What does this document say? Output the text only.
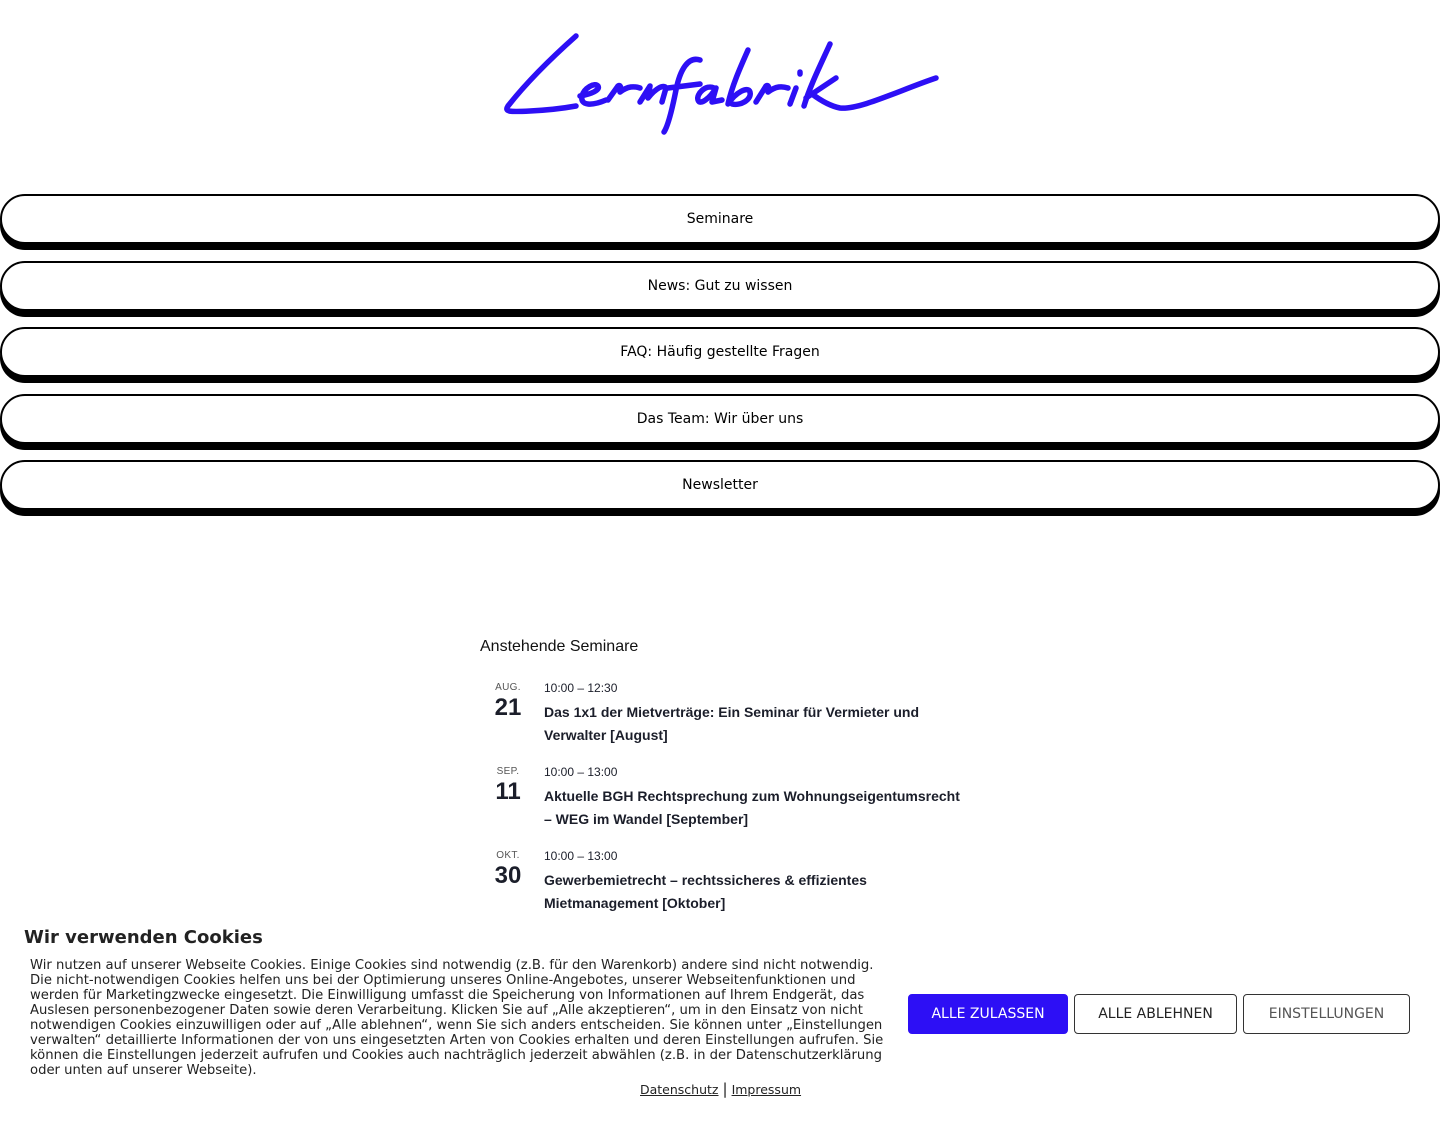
Seminare
News: Gut zu wissen
FAQ: Häufig gestellte Fragen
Das Team: Wir über uns
Newsletter
Anstehende Seminare
AUG.
21
10:00 – 12:30
Das 1x1 der Mietverträge: Ein Seminar für Vermieter und Verwalter [August]
SEP.
11
10:00 – 13:00
Aktuelle BGH Rechtsprechung zum Wohnungseigentumsrecht – WEG im Wandel [September]
OKT.
30
10:00 – 13:00
Gewerbemietrecht – rechtssicheres & effizientes Mietmanagement [Oktober]
Wir verwenden Cookies

Wir nutzen auf unserer Webseite Cookies. Einige Cookies sind notwendig (z.B. für den Warenkorb) andere sind nicht notwendig. Die nicht-notwendigen Cookies helfen uns bei der Optimierung unseres Online-Angebotes, unserer Webseitenfunktionen und werden für Marketingzwecke eingesetzt. Die Einwilligung umfasst die Speicherung von Informationen auf Ihrem Endgerät, das Auslesen personenbezogener Daten sowie deren Verarbeitung. Klicken Sie auf „Alle akzeptieren“, um in den Einsatz von nicht notwendigen Cookies einzuwilligen oder auf „Alle ablehnen“, wenn Sie sich anders entscheiden. Sie können unter „Einstellungen verwalten“ detaillierte Informationen der von uns eingesetzten Arten von Cookies erhalten und deren Einstellungen aufrufen. Sie können die Einstellungen jederzeit aufrufen und Cookies auch nachträglich jederzeit abwählen (z.B. in der Datenschutzerklärung oder unten auf unserer Webseite).

ALLE ZULASSEN	ALLE ABLEHNEN	EINSTELLUNGEN
Datenschutz | Impressum
